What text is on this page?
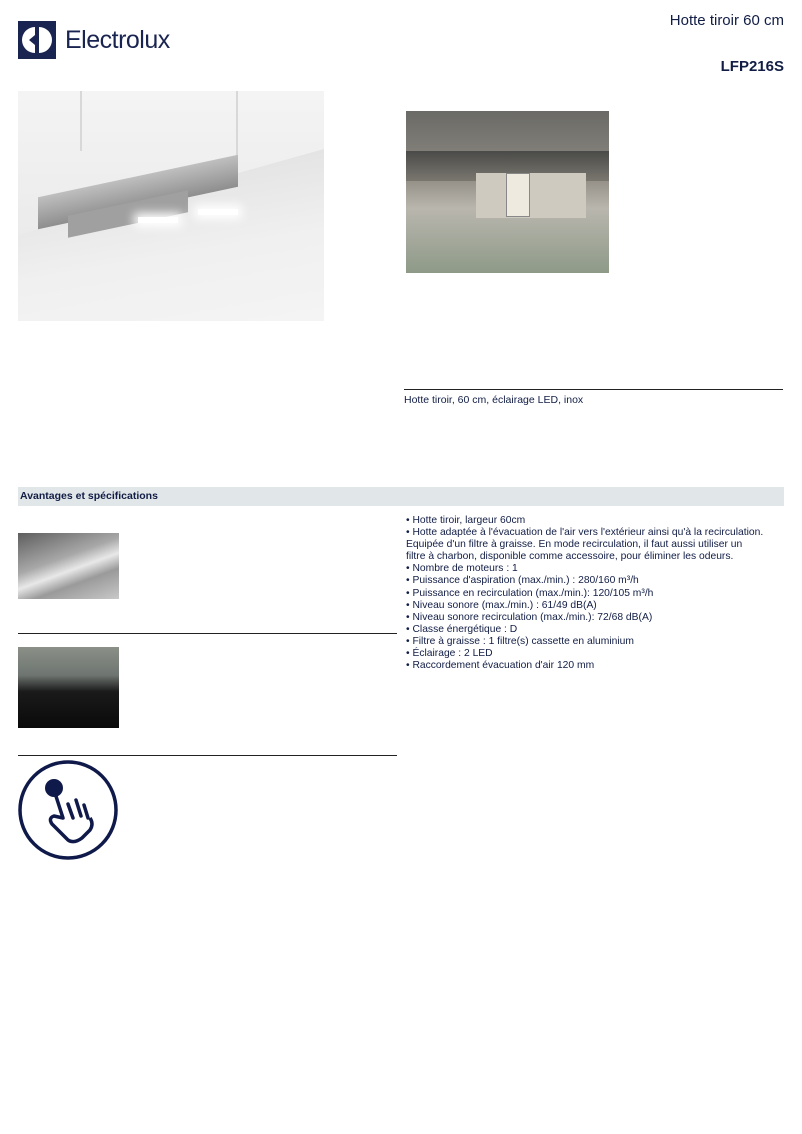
Electrolux
Hotte tiroir 60 cm
LFP216S
Hotte tiroir, 60 cm, éclairage LED, inox
Avantages et spécifications
• Hotte tiroir, largeur 60cm
• Hotte adaptée à l'évacuation de l'air vers l'extérieur ainsi qu'à la recirculation.
Equipée d'un filtre à graisse. En mode recirculation, il faut aussi utiliser un
filtre à charbon, disponible comme accessoire, pour éliminer les odeurs.
• Nombre de moteurs : 1
• Puissance d'aspiration (max./min.) : 280/160 m³/h
• Puissance en recirculation (max./min.): 120/105 m³/h
• Niveau sonore (max./min.) : 61/49 dB(A)
• Niveau sonore recirculation (max./min.): 72/68 dB(A)
• Classe énergétique : D
• Filtre à graisse : 1 filtre(s) cassette en aluminium
• Éclairage : 2 LED
• Raccordement évacuation d'air 120 mm
